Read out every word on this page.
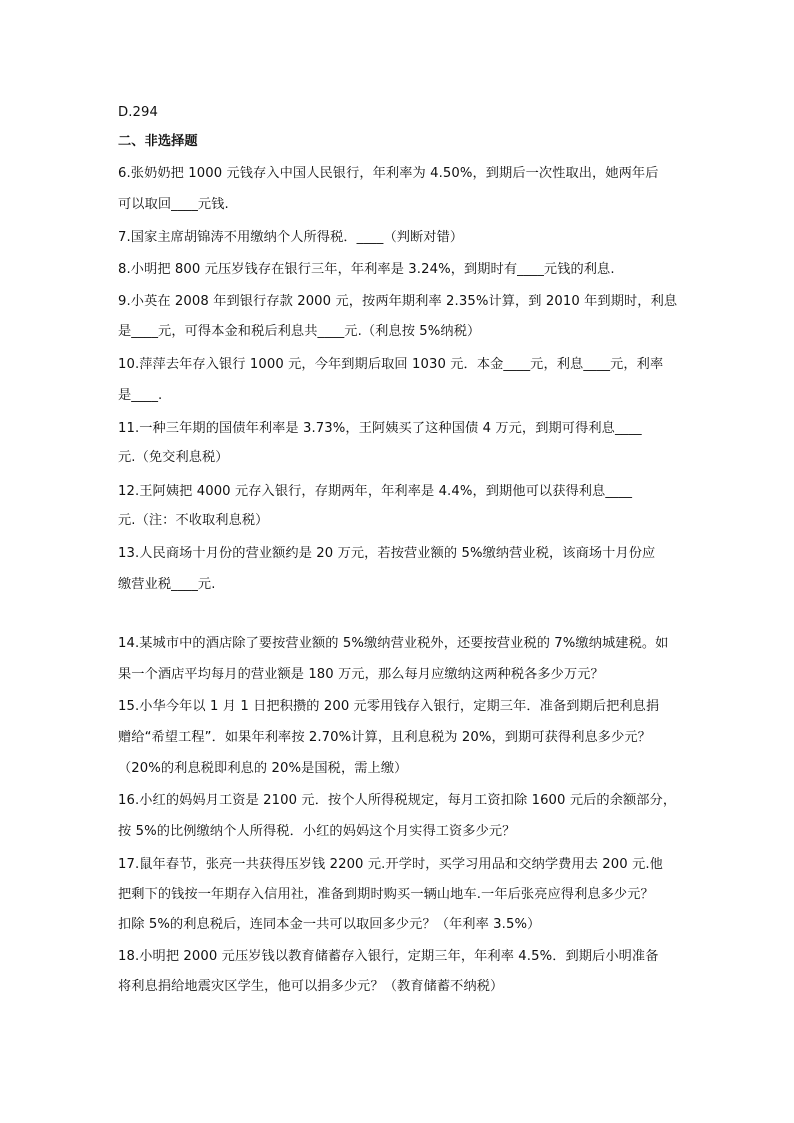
D.294
二、非选择题
6.张奶奶把 1000 元钱存入中国人民银行，年利率为 4.50%，到期后一次性取出，她两年后
可以取回____元钱.
7.国家主席胡锦涛不用缴纳个人所得税．____（判断对错）
8.小明把 800 元压岁钱存在银行三年，年利率是 3.24%，到期时有____元钱的利息.
9.小英在 2008 年到银行存款 2000 元，按两年期利率 2.35%计算，到 2010 年到期时，利息
是____元，可得本金和税后利息共____元.（利息按 5%纳税）
10.萍萍去年存入银行 1000 元，今年到期后取回 1030 元．本金____元，利息____元，利率
是____.
11.一种三年期的国债年利率是 3.73%，王阿姨买了这种国债 4 万元，到期可得利息____
元.（免交利息税）
12.王阿姨把 4000 元存入银行，存期两年，年利率是 4.4%，到期他可以获得利息____
元.（注：不收取利息税）
13.人民商场十月份的营业额约是 20 万元，若按营业额的 5%缴纳营业税，该商场十月份应
缴营业税____元.
14.某城市中的酒店除了要按营业额的 5%缴纳营业税外，还要按营业税的 7%缴纳城建税。如
果一个酒店平均每月的营业额是 180 万元，那么每月应缴纳这两种税各多少万元？
15.小华今年以 1 月 1 日把积攒的 200 元零用钱存入银行，定期三年．准备到期后把利息捐
赠给“希望工程”．如果年利率按 2.70%计算，且利息税为 20%，到期可获得利息多少元？
（20%的利息税即利息的 20%是国税，需上缴）
16.小红的妈妈月工资是 2100 元．按个人所得税规定，每月工资扣除 1600 元后的余额部分，
按 5%的比例缴纳个人所得税．小红的妈妈这个月实得工资多少元？
17.鼠年春节，张亮一共获得压岁钱 2200 元.开学时，买学习用品和交纳学费用去 200 元.他
把剩下的钱按一年期存入信用社，准备到期时购买一辆山地车.一年后张亮应得利息多少元？
扣除 5%的利息税后，连同本金一共可以取回多少元？（年利率 3.5%）
18.小明把 2000 元压岁钱以教育储蓄存入银行，定期三年，年利率 4.5%．到期后小明准备
将利息捐给地震灾区学生，他可以捐多少元？（教育储蓄不纳税）
